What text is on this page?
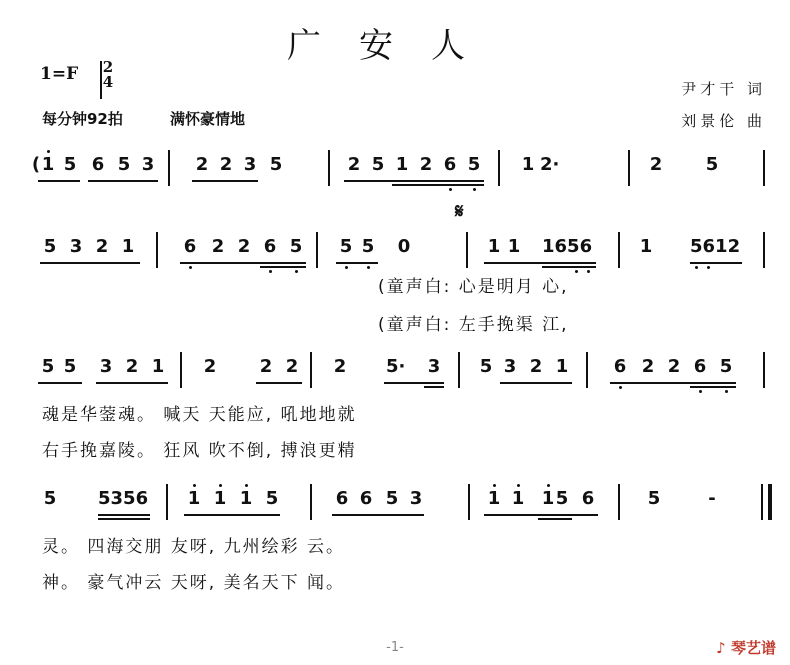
广安人
1=F 2
4
每分钟92拍	满怀豪情地
尹才干 词
刘景伦 曲
𝄋
( 1 5 6 5 3 2 2 3 5	2 5 1 2 6 5 1 2·	2 5
5 3 2 1	6 2 2 6 5 5 5 0	1 1 1656	1 5612
(童声白: 心是明月 心,
(童声白: 左手挽渠 江,
5 5 3 2 1 2 2 2 2 5· 3 5 3 2 1	6 2 2 6 5
魂是华蓥魂。 喊天 天能应, 吼地地就
右手挽嘉陵。 狂风 吹不倒, 搏浪更精
5 5356 1 1 1 5	6 6 5 3	1 1 1 5 6	5	-
灵。 四海交朋 友呀, 九州绘彩 云。
神。 豪气冲云 天呀, 美名天下 闻。
-1-	♪ 琴艺谱
